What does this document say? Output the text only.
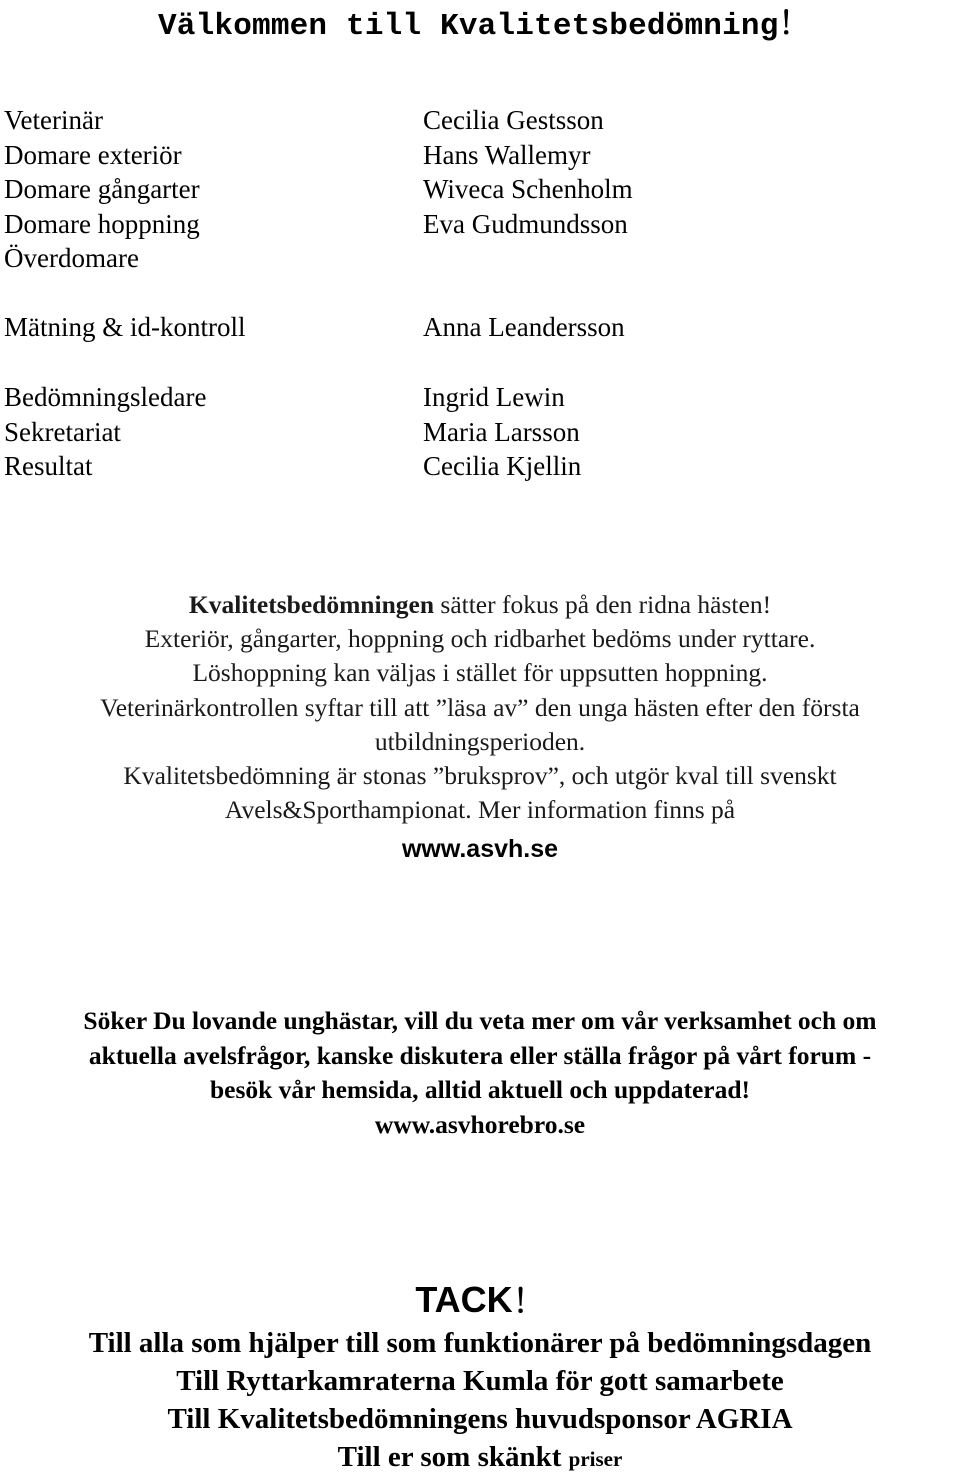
Välkommen till Kvalitetsbedömning！
Veterinär
Domare exteriör
Domare gångarter
Domare hoppning
Överdomare
Cecilia Gestsson
Hans Wallemyr
Wiveca Schenholm
Eva Gudmundsson
Mätning & id-kontroll	Anna Leandersson
Bedömningsledare
Sekretariat
Resultat
Ingrid Lewin
Maria Larsson
Cecilia Kjellin
Kvalitetsbedömningen sätter fokus på den ridna hästen!
Exteriör, gångarter, hoppning och ridbarhet bedöms under ryttare.
Löshoppning kan väljas i stället för uppsutten hoppning.
Veterinärkontrollen syftar till att ”läsa av” den unga hästen efter den första
utbildningsperioden.
Kvalitetsbedömning är stonas ”bruksprov”, och utgör kval till svenskt
Avels&Sporthampionat. Mer information finns på
www.asvh.se
Söker Du lovande unghästar, vill du veta mer om vår verksamhet och om
aktuella avelsfrågor, kanske diskutera eller ställa frågor på vårt forum -
besök vår hemsida, alltid aktuell och uppdaterad!
www.asvhorebro.se
TACK！
Till alla som hjälper till som funktionärer på bedömningsdagen
Till Ryttarkamraterna Kumla för gott samarbete
Till Kvalitetsbedömningens huvudsponsor AGRIA
Till er som skänkt priser
